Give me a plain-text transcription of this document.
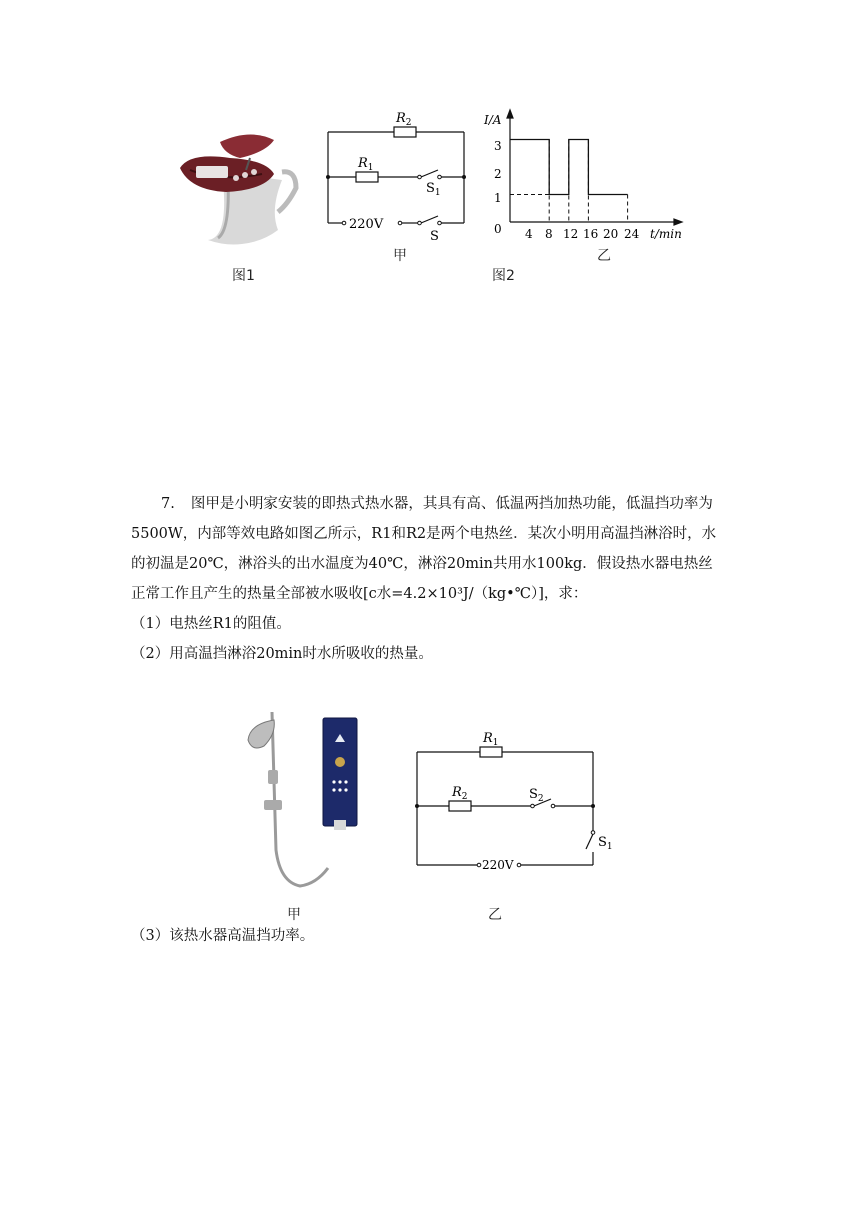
图1
$R_2$
$R_1$
$S_1$
220V
S
甲
I/A
t/min
0
1
2
3
4 8 12 16 20 24
乙
图2
7. 图甲是小明家安装的即热式热水器，其具有高、低温两挡加热功能，低温挡功率为
5500W，内部等效电路如图乙所示，R1和R2是两个电热丝．某次小明用高温挡淋浴时，水
的初温是20℃，淋浴头的出水温度为40℃，淋浴20min共用水100kg．假设热水器电热丝
正常工作且产生的热量全部被水吸收[c水=4.2×10³J/（kg•℃）]，求：
（1）电热丝R1的阻值。
（2）用高温挡淋浴20min时水所吸收的热量。
甲
$R_1$
$R_2$	$S_2$
$S_1$
220V
乙
（3）该热水器高温挡功率。
